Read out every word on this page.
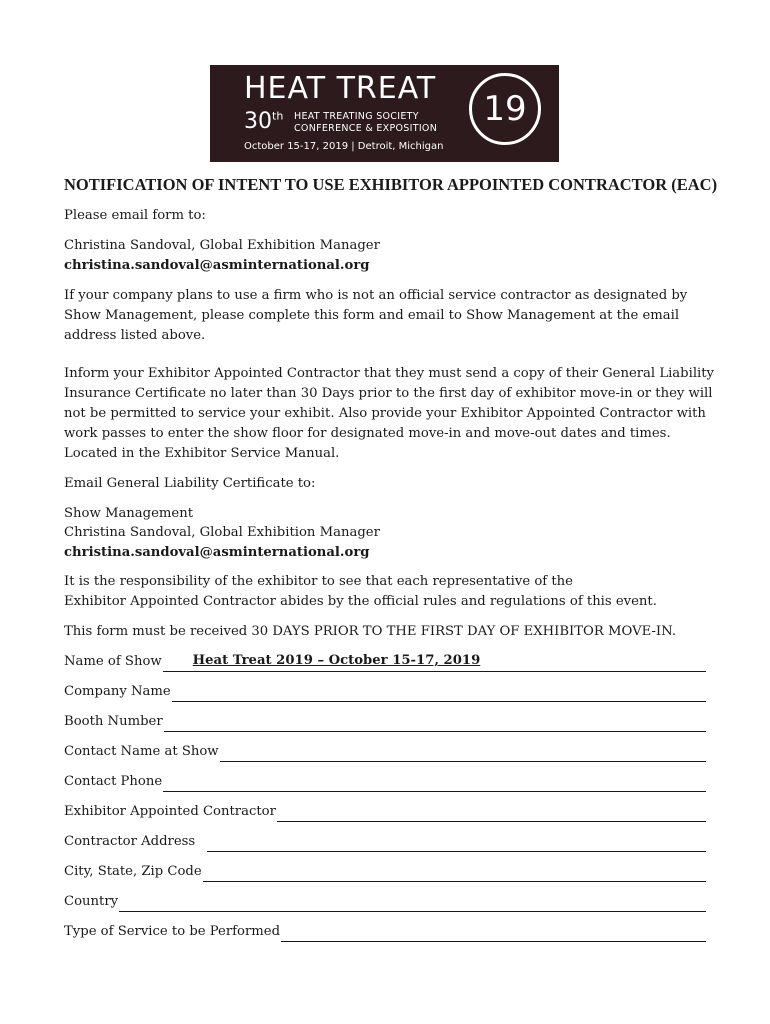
HEAT TREAT
30th HEAT TREATING SOCIETY
CONFERENCE & EXPOSITION
October 15-17, 2019 | Detroit, Michigan
19
NOTIFICATION OF INTENT TO USE EXHIBITOR APPOINTED CONTRACTOR (EAC)
Please email form to:
Christina Sandoval, Global Exhibition Manager
christina.sandoval@asminternational.org
If your company plans to use a firm who is not an official service contractor as designated by Show Management, please complete this form and email to Show Management at the email address listed above.
Inform your Exhibitor Appointed Contractor that they must send a copy of their General Liability Insurance Certificate no later than 30 Days prior to the first day of exhibitor move-in or they will not be permitted to service your exhibit. Also provide your Exhibitor Appointed Contractor with work passes to enter the show floor for designated move-in and move-out dates and times. Located in the Exhibitor Service Manual.
Email General Liability Certificate to:
Show Management
Christina Sandoval, Global Exhibition Manager
christina.sandoval@asminternational.org
It is the responsibility of the exhibitor to see that each representative of the
Exhibitor Appointed Contractor abides by the official rules and regulations of this event.
This form must be received 30 DAYS PRIOR TO THE FIRST DAY OF EXHIBITOR MOVE-IN.
Name of Show Heat Treat 2019 – October 15-17, 2019
Company Name
Booth Number
Contact Name at Show
Contact Phone
Exhibitor Appointed Contractor
Contractor Address
City, State, Zip Code
Country
Type of Service to be Performed
